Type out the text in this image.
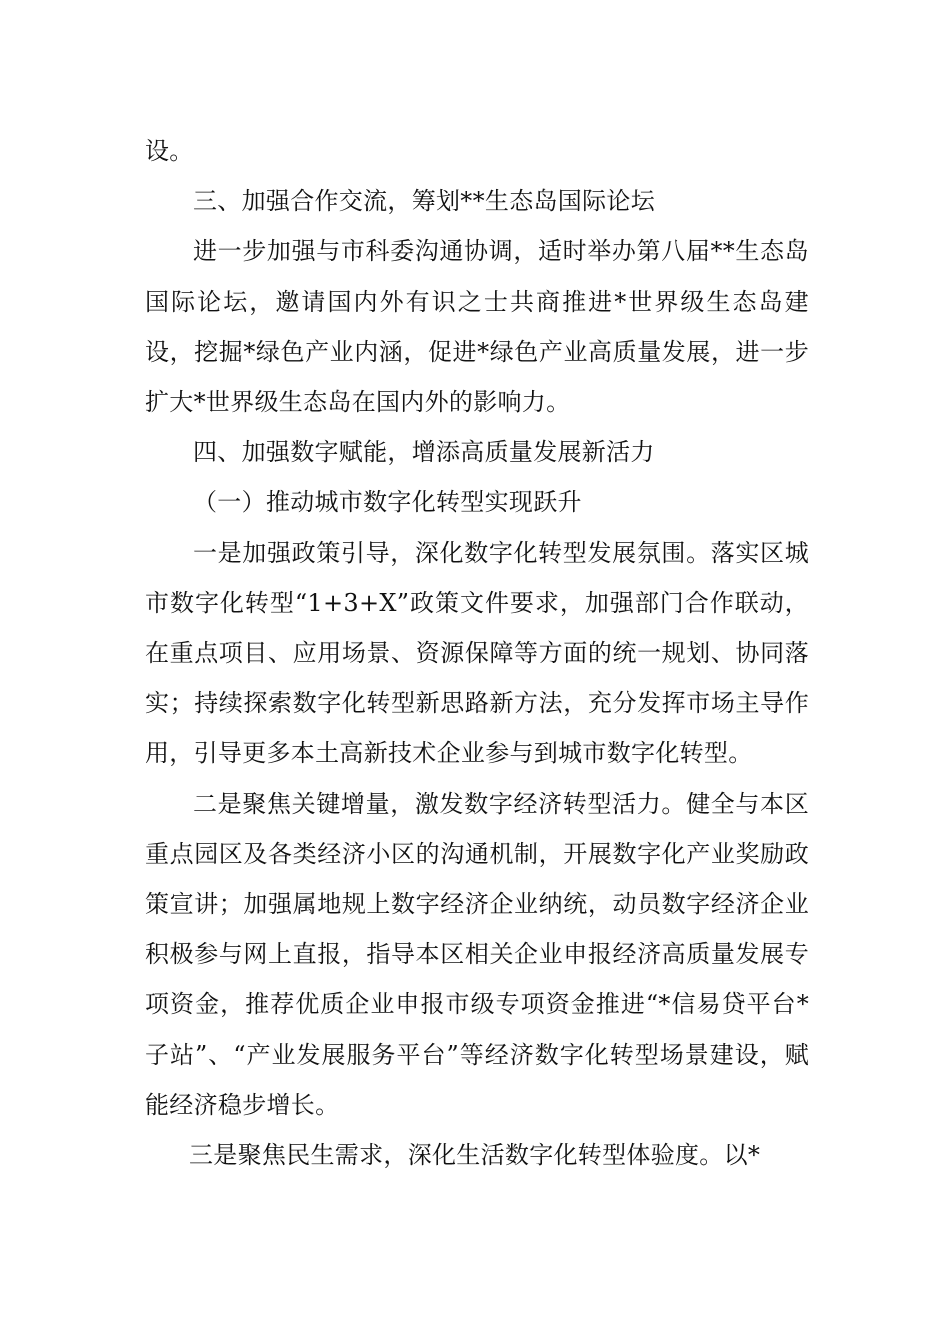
设。

三、加强合作交流，筹划**生态岛国际论坛

进一步加强与市科委沟通协调，适时举办第八届**生态岛国际论坛，邀请国内外有识之士共商推进*世界级生态岛建设，挖掘*绿色产业内涵，促进*绿色产业高质量发展，进一步扩大*世界级生态岛在国内外的影响力。

四、加强数字赋能，增添高质量发展新活力

（一）推动城市数字化转型实现跃升

一是加强政策引导，深化数字化转型发展氛围。落实区城市数字化转型“1+3+X”政策文件要求，加强部门合作联动，在重点项目、应用场景、资源保障等方面的统一规划、协同落实；持续探索数字化转型新思路新方法，充分发挥市场主导作用，引导更多本土高新技术企业参与到城市数字化转型。

二是聚焦关键增量，激发数字经济转型活力。健全与本区重点园区及各类经济小区的沟通机制，开展数字化产业奖励政策宣讲；加强属地规上数字经济企业纳统，动员数字经济企业积极参与网上直报，指导本区相关企业申报经济高质量发展专项资金，推荐优质企业申报市级专项资金推进“*信易贷平台*子站”、“产业发展服务平台”等经济数字化转型场景建设，赋能经济稳步增长。

三是聚焦民生需求，深化生活数字化转型体验度。以*
